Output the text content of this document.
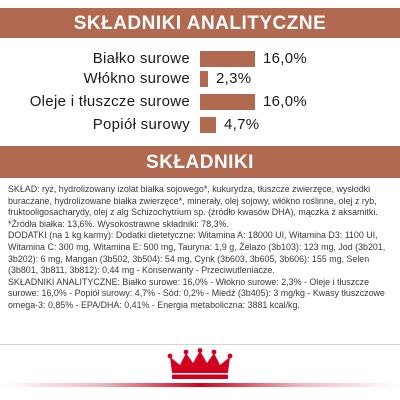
SKŁADNIKI ANALITYCZNE
Białko surowe	16,0%
Włókno surowe 2,3%
Oleje i tłuszcze surowe	16,0%
Popiół surowy 4,7%
SKŁADNIKI

SKŁAD: ryż, hydrolizowany izolat białka sojowego*, kukurydza, tłuszcze zwierzęce, wysłodki buraczane, hydrolizowane białka zwierzęce*, minerały, olej sojowy, włókno roślinne, olej z ryb, fruktooligosacharydy, olej z alg Schizochytrium sp. (źródło kwasów DHA), mączka z aksamitki. *Źródła białka: 13,6%. Wysokostrawne składniki: 78,3%.

DODATKI (na 1 kg karmy): Dodatki dietetyczne: Witamina A: 18000 UI, Witamina D3: 1100 UI, Witamina C: 300 mg, Witamina E: 500 mg, Tauryna: 1,9 g, Żelazo (3b103): 123 mg, Jod (3b201, 3b202): 6 mg, Mangan (3b502, 3b504): 54 mg, Cynk (3b603, 3b605, 3b606): 155 mg, Selen (3b801, 3b811, 3b812): 0,44 mg - Konserwanty - Przeciwutleniacze.

SKŁADNIKI ANALITYCZNE: Białko surowe: 16,0% - Włókno surowe: 2,3% - Oleje i tłuszcze surowe: 16,0% - Popiół surowy: 4,7% - Sód: 0,2% - Miedź (3b405): 3 mg/kg - Kwasy tłuszczowe omega-3: 0,85% - EPA/DHA: 0,41% - Energia metaboliczna: 3881 kcal/kg.
